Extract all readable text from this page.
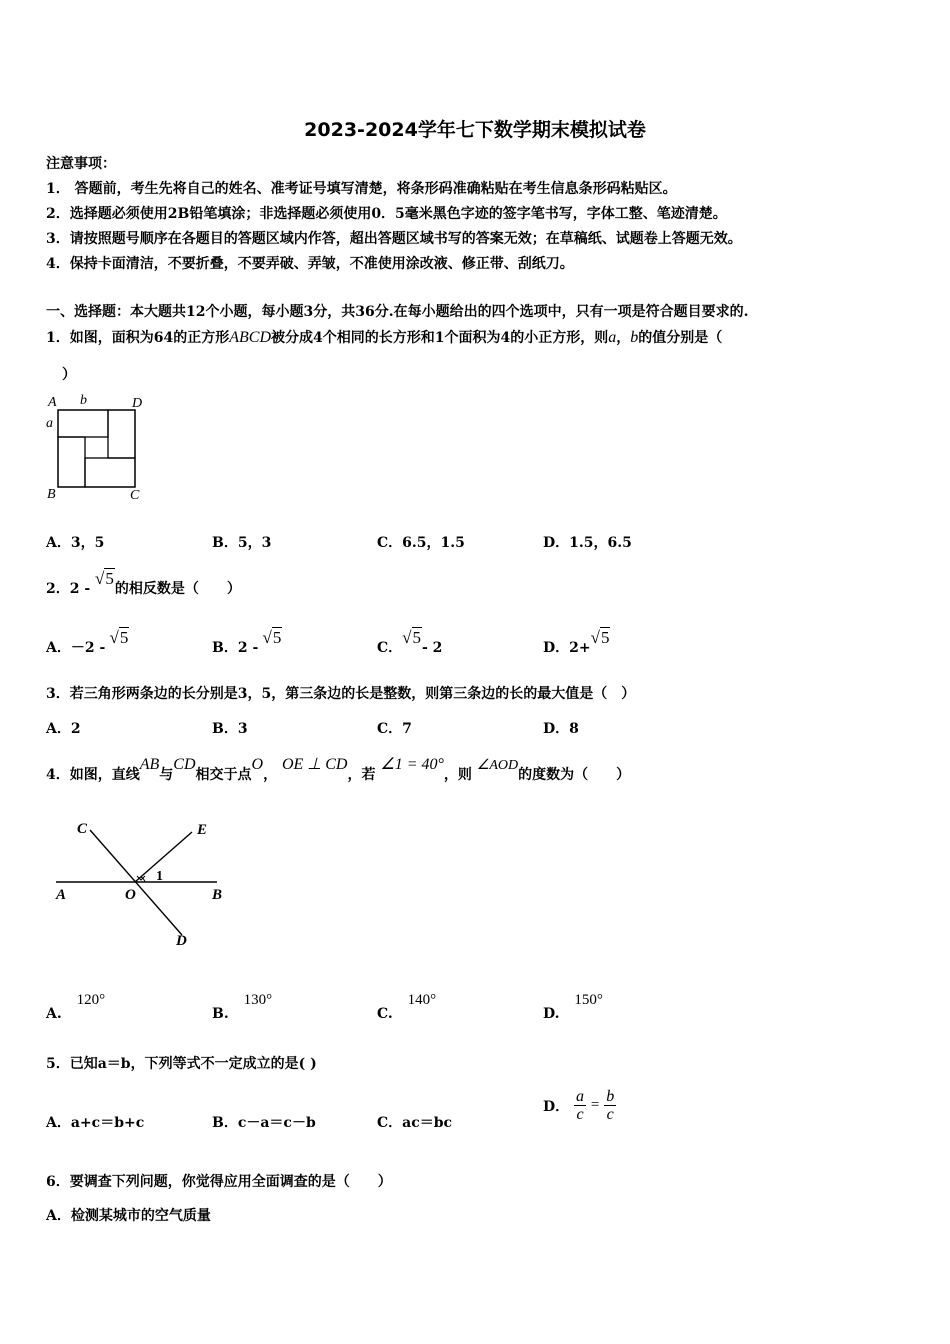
2023-2024学年七下数学期末模拟试卷
注意事项：
1． 答题前，考生先将自己的姓名、准考证号填写清楚，将条形码准确粘贴在考生信息条形码粘贴区。
2．选择题必须使用2B铅笔填涂；非选择题必须使用0．5毫米黑色字迹的签字笔书写，字体工整、笔迹清楚。
3．请按照题号顺序在各题目的答题区域内作答，超出答题区域书写的答案无效；在草稿纸、试题卷上答题无效。
4．保持卡面清洁，不要折叠，不要弄破、弄皱，不准使用涂改液、修正带、刮纸刀。
一、选择题：本大题共12个小题，每小题3分，共36分.在每小题给出的四个选项中，只有一项是符合题目要求的.
1．如图，面积为64的正方形ABCD被分成4个相同的长方形和1个面积为4的小正方形，则a，b的值分别是（
）
A b	D
a
B	C
A．3，5	B．5，3	C．6.5，1.5	D．1.5，6.5
2．2 - √5的相反数是（　　）
A．－2 - √5
B．2 - √5
C．√5- 2	D．2+√5
3．若三角形两条边的长分别是3，5，第三条边的长是整数，则第三条边的长的最大值是（　）
A．2	B．3	C．7	D．8
4．如图，直线AB与CD相交于点O， OE ⊥ CD，若 ∠1 = 40°，则 ∠AOD的度数为（　　）
C	E
A	O
1
B
D
A. 120°
B. 130°
C. 140°
D. 150°
5．已知a＝b，下列等式不一定成立的是( )
A．a+c＝b+c	B．c－a＝c－b	C．ac＝bc
D． $\frac{a}{c} = \frac{b}{c}$
6．要调查下列问题，你觉得应用全面调查的是（　　）
A．检测某城市的空气质量
